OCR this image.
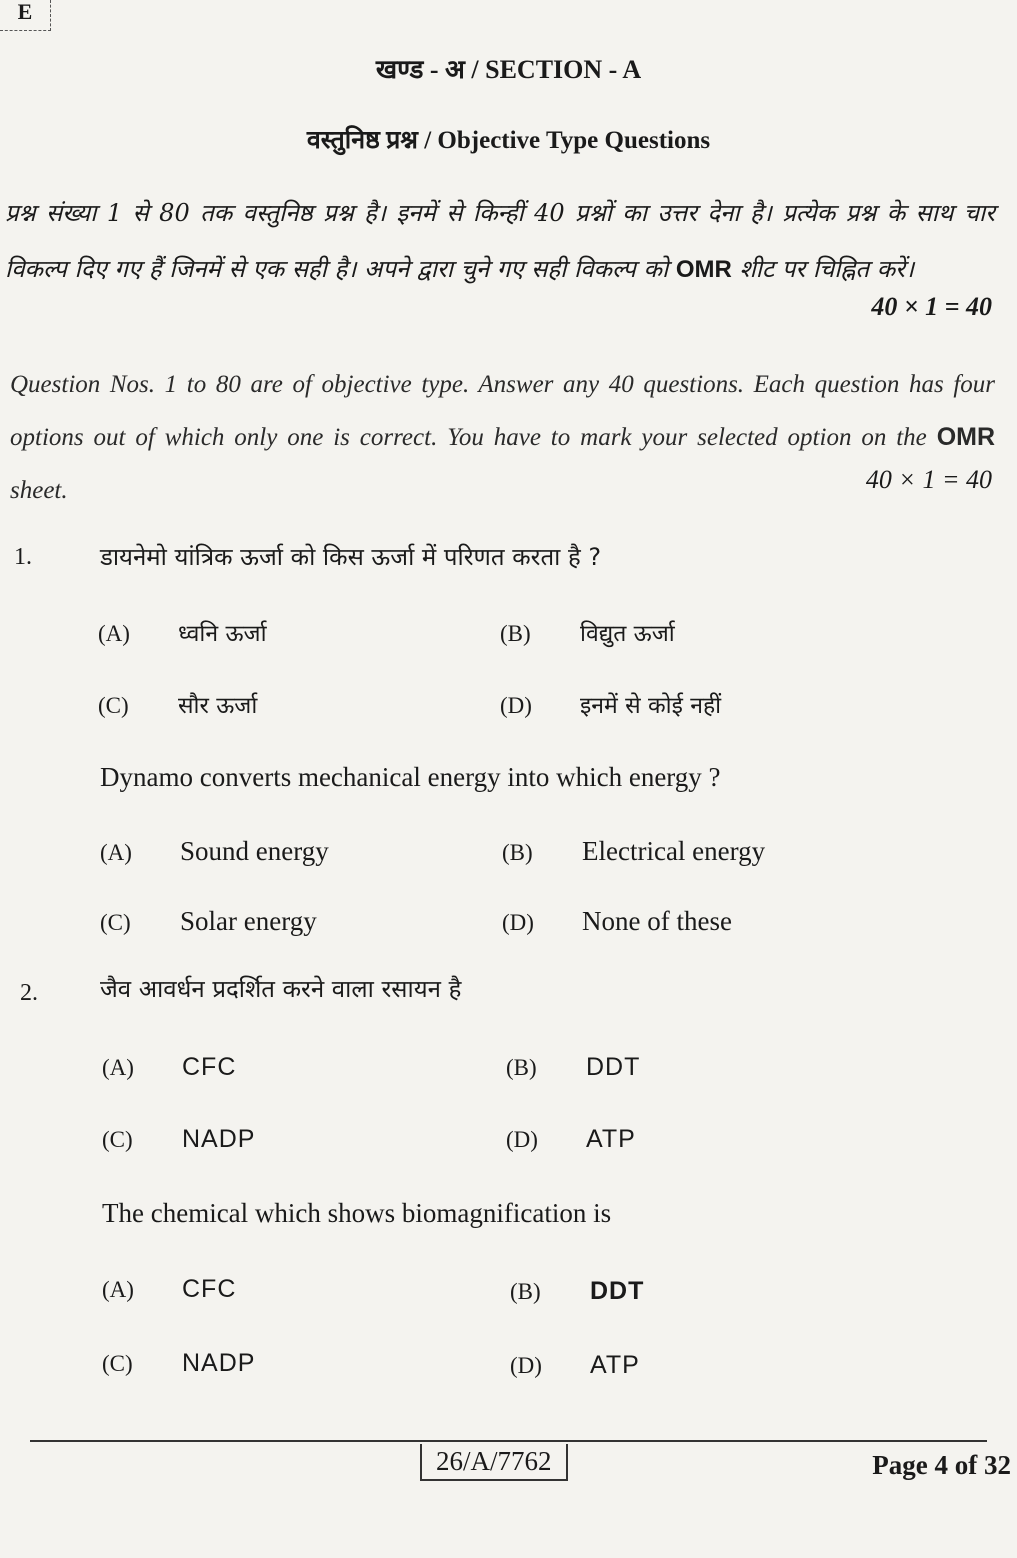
E
खण्ड - अ / SECTION - A
वस्तुनिष्ठ प्रश्न / Objective Type Questions
प्रश्न संख्या 1 से 80 तक वस्तुनिष्ठ प्रश्न है। इनमें से किन्हीं 40 प्रश्नों का उत्तर देना है। प्रत्येक प्रश्न के साथ चार विकल्प दिए गए हैं जिनमें से एक सही है। अपने द्वारा चुने गए सही विकल्प को OMR शीट पर चिह्नित करें।
40 × 1 = 40
Question Nos. 1 to 80 are of objective type. Answer any 40 questions. Each question has four options out of which only one is correct. You have to mark your selected option on the OMR sheet.	40 × 1 = 40
1.	डायनेमो यांत्रिक ऊर्जा को किस ऊर्जा में परिणत करता है ?
(A) ध्वनि ऊर्जा	(B) विद्युत ऊर्जा
(C) सौर ऊर्जा	(D) इनमें से कोई नहीं
Dynamo converts mechanical energy into which energy ?
(A) Sound energy	(B) Electrical energy
(C) Solar energy	(D) None of these
2.	जैव आवर्धन प्रदर्शित करने वाला रसायन है
(A) CFC	(B) DDT
(C) NADP	(D) ATP
The chemical which shows biomagnification is
(A) CFC	(B) DDT
(C) NADP	(D) ATP
26/A/7762	Page 4 of 32
